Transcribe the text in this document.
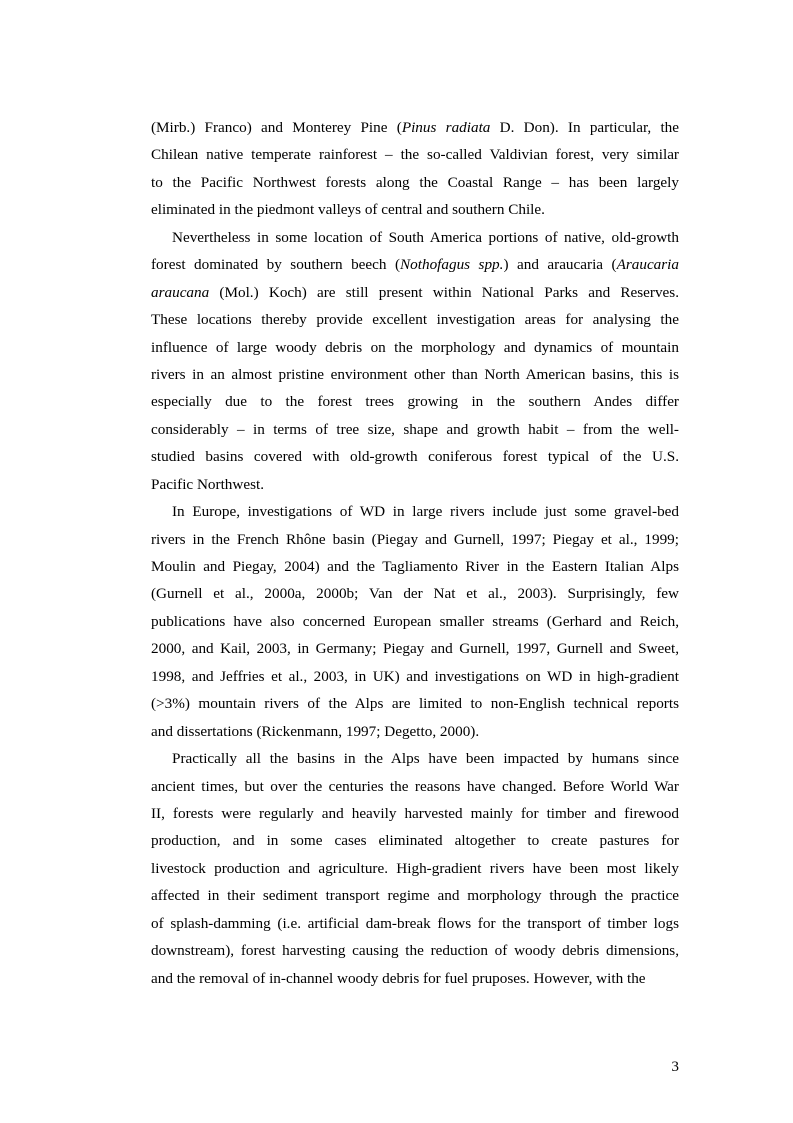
(Mirb.) Franco) and Monterey Pine (Pinus radiata D. Don). In particular, the
Chilean native temperate rainforest – the so-called Valdivian forest, very similar
to the Pacific Northwest forests along the Coastal Range – has been largely
eliminated in the piedmont valleys of central and southern Chile.
Nevertheless in some location of South America portions of native, old-growth
forest dominated by southern beech (Nothofagus spp.) and araucaria (Araucaria
araucana (Mol.) Koch) are still present within National Parks and Reserves.
These locations thereby provide excellent investigation areas for analysing the
influence of large woody debris on the morphology and dynamics of mountain
rivers in an almost pristine environment other than North American basins, this is
especially due to the forest trees growing in the southern Andes differ
considerably – in terms of tree size, shape and growth habit – from the well-
studied basins covered with old-growth coniferous forest typical of the U.S.
Pacific Northwest.
In Europe, investigations of WD in large rivers include just some gravel-bed
rivers in the French Rhône basin (Piegay and Gurnell, 1997; Piegay et al., 1999;
Moulin and Piegay, 2004) and the Tagliamento River in the Eastern Italian Alps
(Gurnell et al., 2000a, 2000b; Van der Nat et al., 2003). Surprisingly, few
publications have also concerned European smaller streams (Gerhard and Reich,
2000, and Kail, 2003, in Germany; Piegay and Gurnell, 1997, Gurnell and Sweet,
1998, and Jeffries et al., 2003, in UK) and investigations on WD in high-gradient
(>3%) mountain rivers of the Alps are limited to non-English technical reports
and dissertations (Rickenmann, 1997; Degetto, 2000).
Practically all the basins in the Alps have been impacted by humans since
ancient times, but over the centuries the reasons have changed. Before World War
II, forests were regularly and heavily harvested mainly for timber and firewood
production, and in some cases eliminated altogether to create pastures for
livestock production and agriculture. High-gradient rivers have been most likely
affected in their sediment transport regime and morphology through the practice
of splash-damming (i.e. artificial dam-break flows for the transport of timber logs
downstream), forest harvesting causing the reduction of woody debris dimensions,
and the removal of in-channel woody debris for fuel pruposes. However, with the
3
